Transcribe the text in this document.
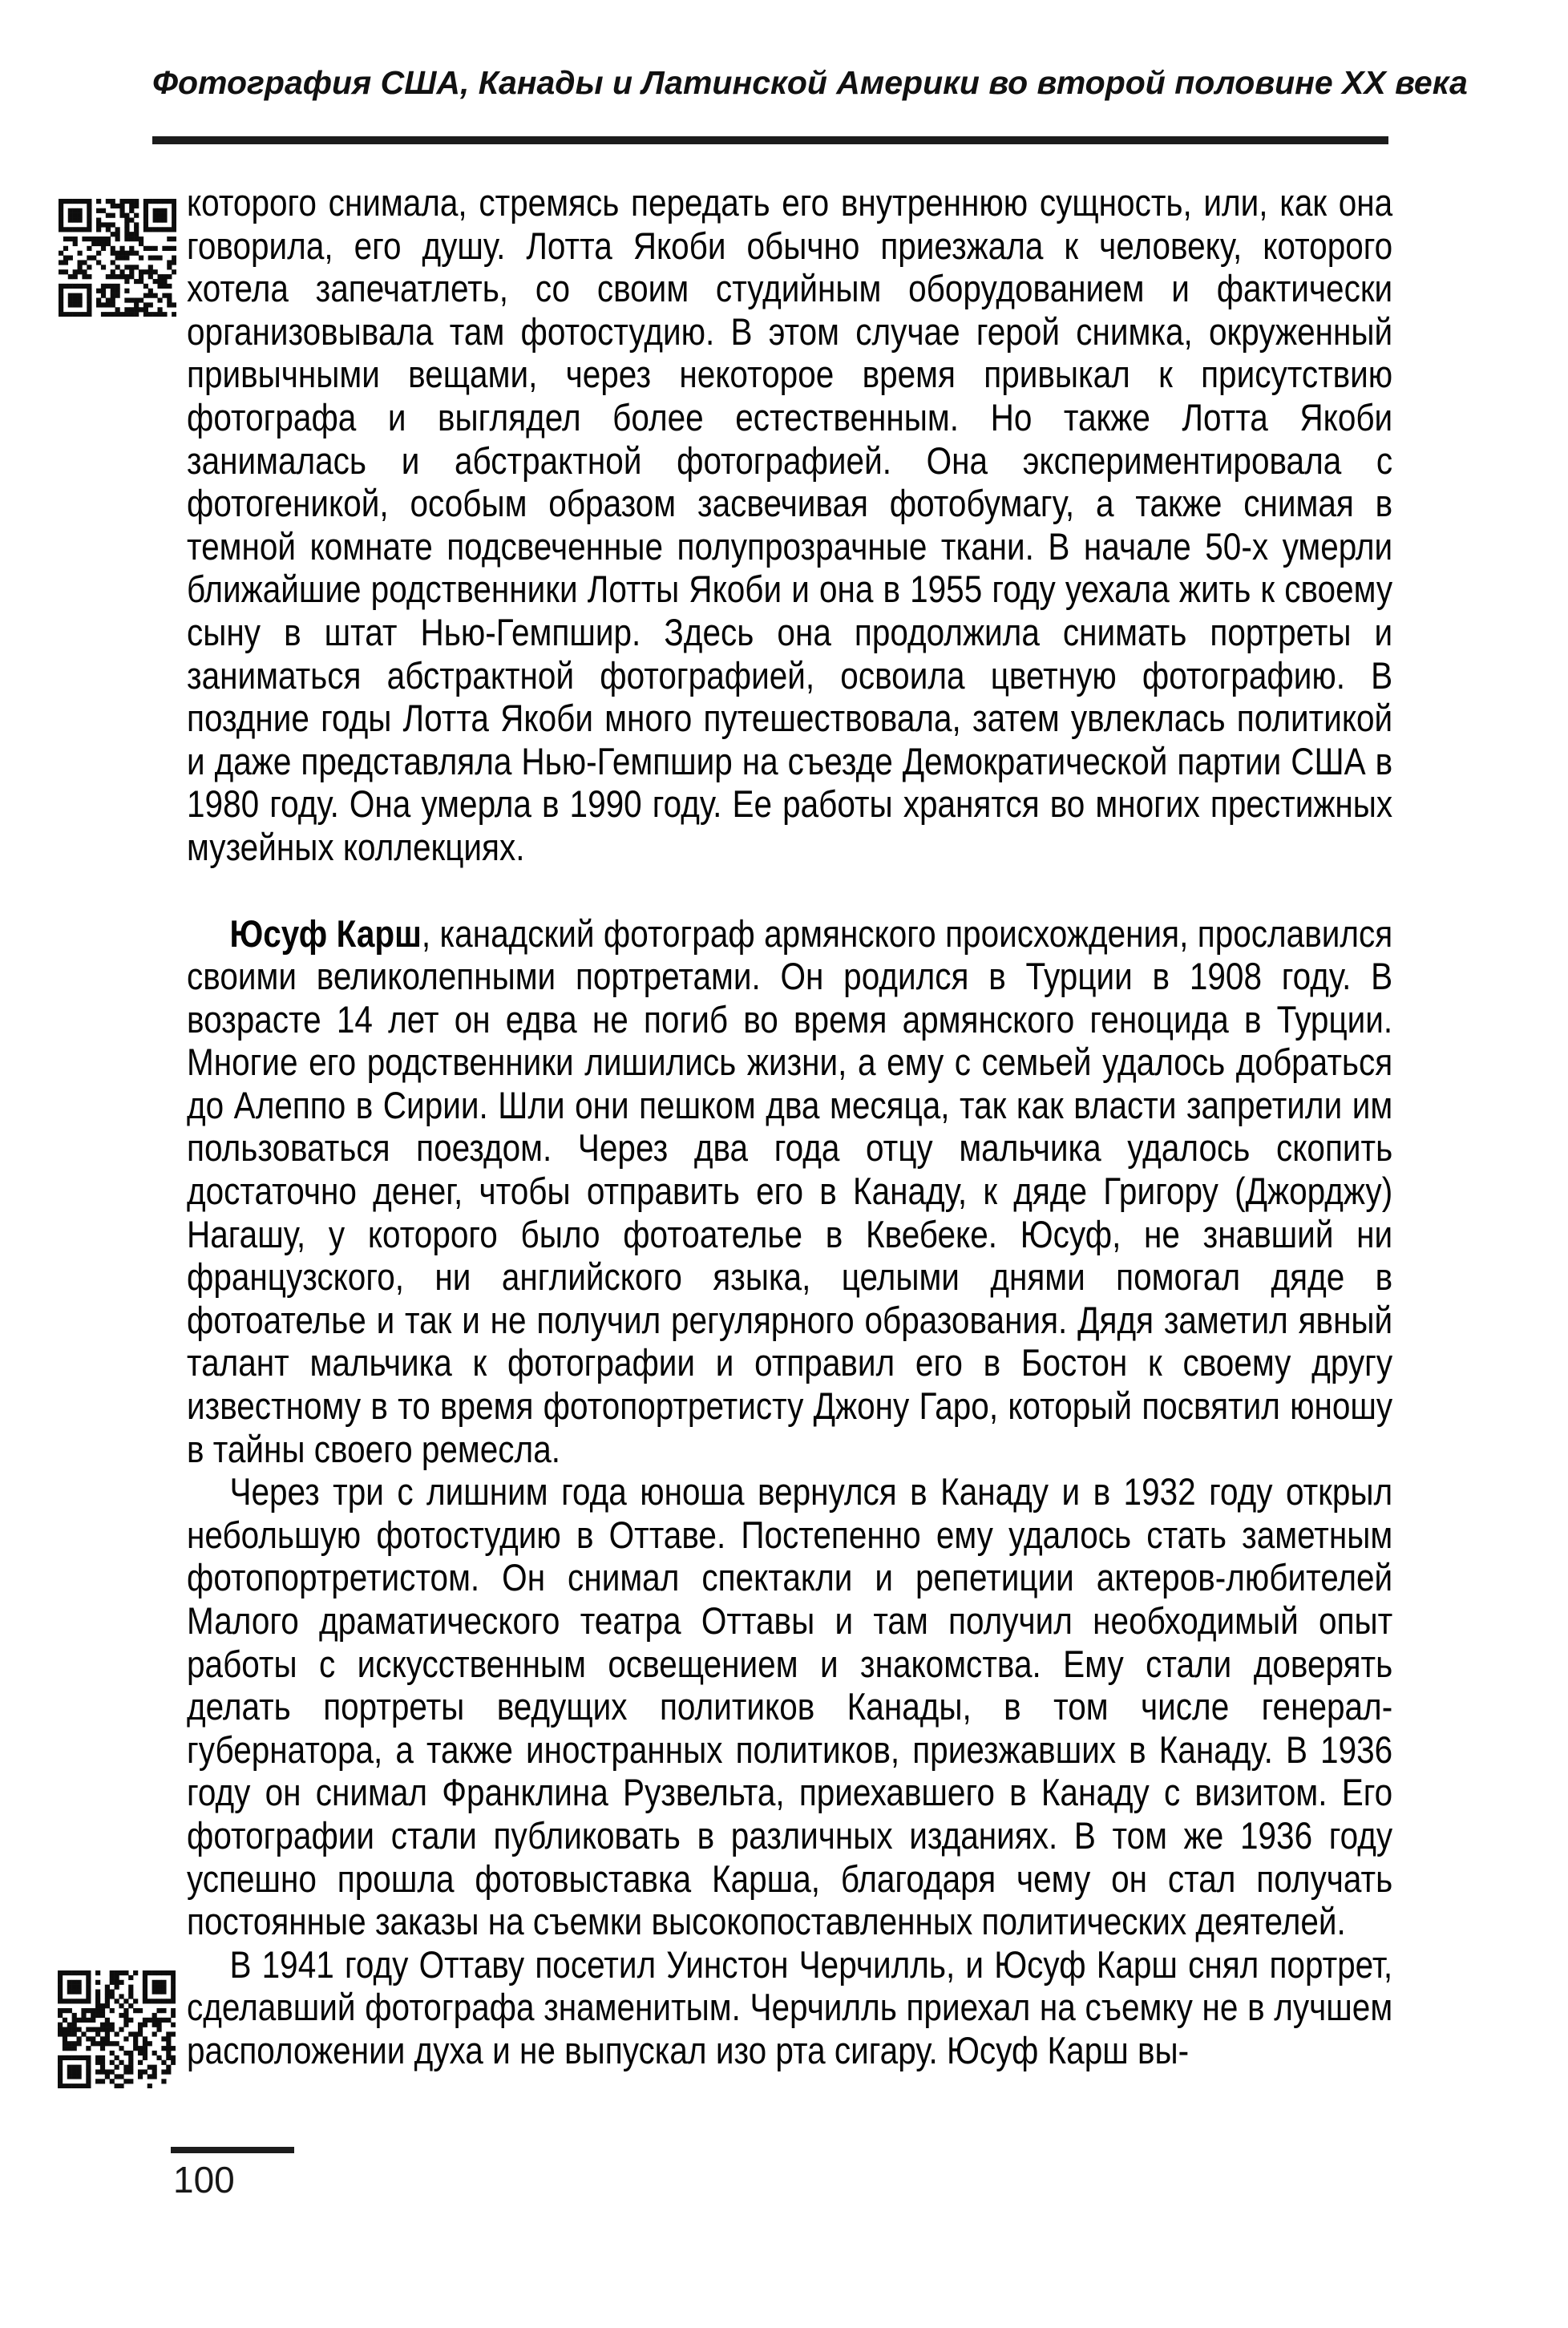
Фотография США, Канады и Латинской Америки во второй половине XX века

которого снимала, стремясь передать его внутреннюю сущность, или, как она говорила, его душу. Лотта Якоби обычно приезжала к человеку, которого хотела запечатлеть, со своим студийным оборудованием и фактически организовывала там фотостудию. В этом случае герой снимка, окруженный привычными вещами, через некоторое время привыкал к присутствию фотографа и выглядел более естественным. Но также Лотта Якоби занималась и абстрактной фотографией. Она экспериментировала с фотогеникой, особым образом засвечивая фотобумагу, а также снимая в темной комнате подсвеченные полупрозрачные ткани. В начале 50-х умерли ближайшие родственники Лотты Якоби и она в 1955 году уехала жить к своему сыну в штат Нью-Гемпшир. Здесь она продолжила снимать портреты и заниматься абстрактной фотографией, освоила цветную фотографию. В поздние годы Лотта Якоби много путешествовала, затем увлеклась политикой и даже представляла Нью-Гемпшир на съезде Демократической партии США в 1980 году. Она умерла в 1990 году. Ее работы хранятся во многих престижных музейных коллекциях.

Юсуф Карш, канадский фотограф армянского происхождения, прославился своими великолепными портретами. Он родился в Турции в 1908 году. В возрасте 14 лет он едва не погиб во время армянского геноцида в Турции. Многие его родственники лишились жизни, а ему с семьей удалось добраться до Алеппо в Сирии. Шли они пешком два месяца, так как власти запретили им пользоваться поездом. Через два года отцу мальчика удалось скопить достаточно денег, чтобы отправить его в Канаду, к дяде Григору (Джорджу) Нагашу, у которого было фотоателье в Квебеке. Юсуф, не знавший ни французского, ни английского языка, целыми днями помогал дяде в фотоателье и так и не получил регулярного образования. Дядя заметил явный талант мальчика к фотографии и отправил его в Бостон к своему другу известному в то время фотопортретисту Джону Гаро, который посвятил юношу в тайны своего ремесла.

Через три с лишним года юноша вернулся в Канаду и в 1932 году открыл небольшую фотостудию в Оттаве. Постепенно ему удалось стать заметным фотопортретистом. Он снимал спектакли и репетиции актеров-любителей Малого драматического театра Оттавы и там получил необходимый опыт работы с искусственным освещением и знакомства. Ему стали доверять делать портреты ведущих политиков Канады, в том числе генерал-губернатора, а также иностранных политиков, приезжавших в Канаду. В 1936 году он снимал Франклина Рузвельта, приехавшего в Канаду с визитом. Его фотографии стали публиковать в различных изданиях. В том же 1936 году успешно прошла фотовыставка Карша, благодаря чему он стал получать постоянные заказы на съемки высокопоставленных политических деятелей.

В 1941 году Оттаву посетил Уинстон Черчилль, и Юсуф Карш снял портрет, сделавший фотографа знаменитым. Черчилль приехал на съемку не в лучшем расположении духа и не выпускал изо рта сигару. Юсуф Карш вы-

100
